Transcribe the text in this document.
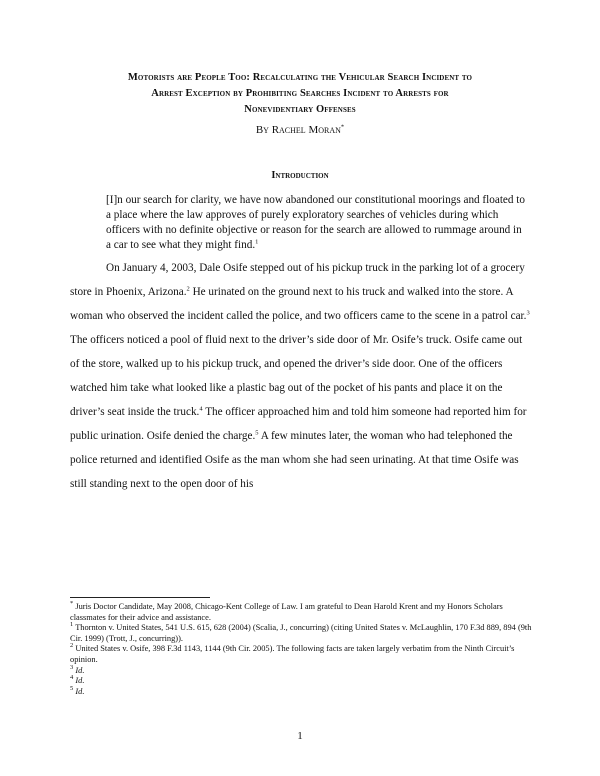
Motorists are People Too: Recalculating the Vehicular Search Incident to
Arrest Exception by Prohibiting Searches Incident to Arrests for
Nonevidentiary Offenses
By Rachel Moran*
Introduction
[I]n our search for clarity, we have now abandoned our constitutional moorings and floated to a place where the law approves of purely exploratory searches of vehicles during which officers with no definite objective or reason for the search are allowed to rummage around in a car to see what they might find.$^1$

On January 4, 2003, Dale Osife stepped out of his pickup truck in the parking lot of a grocery store in Phoenix, Arizona.$^2$ He urinated on the ground next to his truck and walked into the store. A woman who observed the incident called the police, and two officers came to the scene in a patrol car.$^3$ The officers noticed a pool of fluid next to the driver’s side door of Mr. Osife’s truck. Osife came out of the store, walked up to his pickup truck, and opened the driver’s side door. One of the officers watched him take what looked like a plastic bag out of the pocket of his pants and place it on the driver’s seat inside the truck.$^4$ The officer approached him and told him someone had reported him for public urination. Osife denied the charge.$^5$ A few minutes later, the woman who had telephoned the police returned and identified Osife as the man whom she had seen urinating. At that time Osife was still standing next to the open door of his

* Juris Doctor Candidate, May 2008, Chicago-Kent College of Law. I am grateful to Dean Harold Krent and my Honors Scholars classmates for their advice and assistance.

$^1$ Thornton v. United States, 541 U.S. 615, 628 (2004) (Scalia, J., concurring) (citing United States v. McLaughlin, 170 F.3d 889, 894 (9th Cir. 1999) (Trott, J., concurring)).

$^2$ United States v. Osife, 398 F.3d 1143, 1144 (9th Cir. 2005). The following facts are taken largely verbatim from the Ninth Circuit’s opinion.

$^3$ Id.

$^4$ Id.

$^5$ Id.

1
